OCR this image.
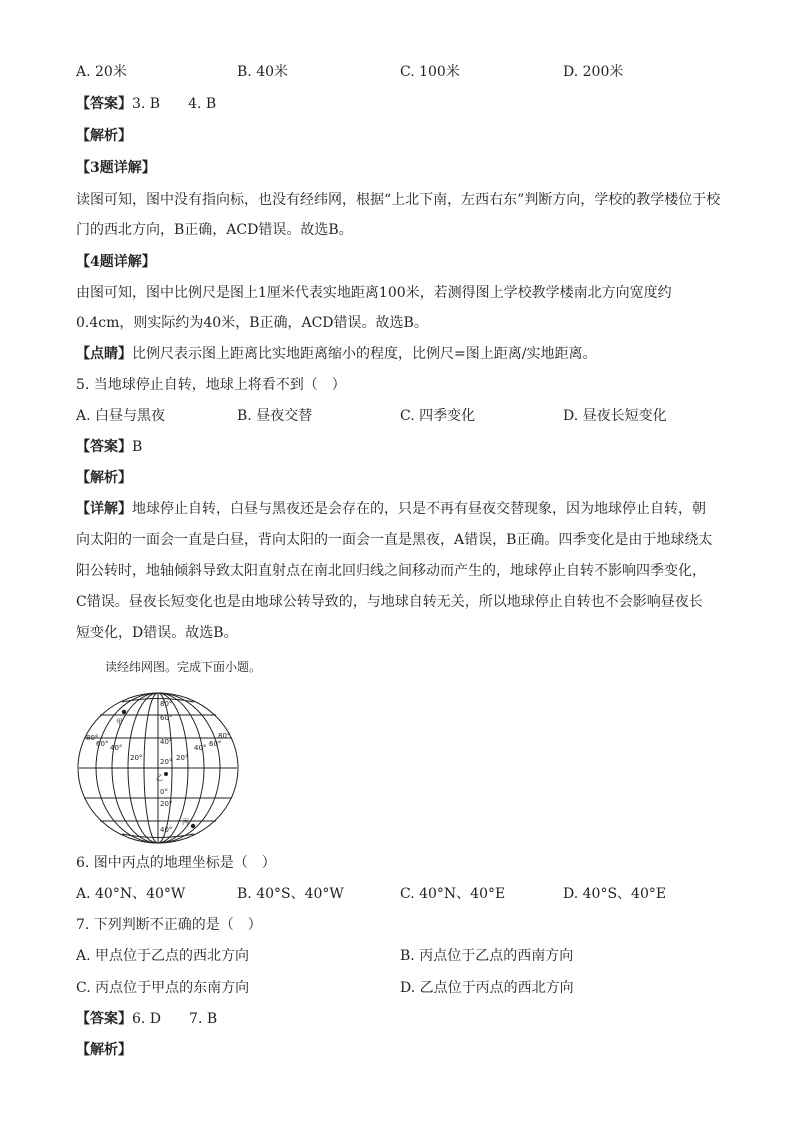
A. 20米	B. 40米	C. 100米	D. 200米
【答案】3. B　　4. B
【解析】
【3题详解】
读图可知，图中没有指向标，也没有经纬网，根据“上北下南，左西右东”判断方向，学校的教学楼位于校
门的西北方向，B正确，ACD错误。故选B。
【4题详解】
由图可知，图中比例尺是图上1厘米代表实地距离100米，若测得图上学校教学楼南北方向宽度约
0.4cm，则实际约为40米，B正确，ACD错误。故选B。
【点睛】比例尺表示图上距离比实地距离缩小的程度，比例尺=图上距离/实地距离。
5. 当地球停止自转，地球上将看不到（　）
A. 白昼与黑夜	B. 昼夜交替	C. 四季变化	D. 昼夜长短变化
【答案】B
【解析】
【详解】地球停止自转，白昼与黑夜还是会存在的，只是不再有昼夜交替现象，因为地球停止自转，朝
向太阳的一面会一直是白昼，背向太阳的一面会一直是黑夜，A错误，B正确。四季变化是由于地球绕太
阳公转时，地轴倾斜导致太阳直射点在南北回归线之间移动而产生的，地球停止自转不影响四季变化，
C错误。昼夜长短变化也是由地球公转导致的，与地球自转无关，所以地球停止自转也不会影响昼夜长
短变化，D错误。故选B。
读经纬网图。完成下面小题。
甲
乙
丙
80°
60°
40°
20°
0°
20°
40°
80°
60° 40°
20°	20°
40° 60°
80°
6. 图中丙点的地理坐标是（　）
A. 40°N、40°W	B. 40°S、40°W	C. 40°N、40°E	D. 40°S、40°E
7. 下列判断不正确的是（　）
A. 甲点位于乙点的西北方向	B. 丙点位于乙点的西南方向
C. 丙点位于甲点的东南方向	D. 乙点位于丙点的西北方向
【答案】6. D　　7. B
【解析】
